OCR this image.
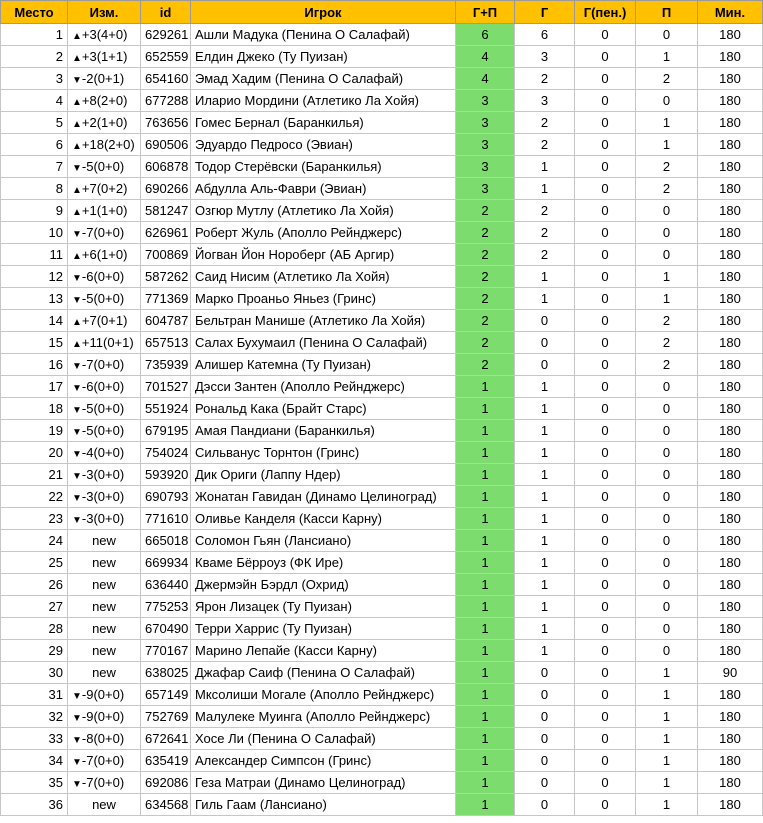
Место	Изм.	id	Игрок	Г+П	Г	Г(пен.)	П	Мин.
1	▲+3(4+0)	629261	Ашли Мадука (Пенина О Салафай)	6	6	0	0	180
2	▲+3(1+1)	652559	Елдин Джеко (Ту Пуизан)	4	3	0	1	180
3	▼-2(0+1)	654160	Эмад Хадим (Пенина О Салафай)	4	2	0	2	180
4	▲+8(2+0)	677288	Иларио Мордини (Атлетико Ла Хойя)	3	3	0	0	180
5	▲+2(1+0)	763656	Гомес Бернал (Баранкилья)	3	2	0	1	180
6	▲+18(2+0)	690506	Эдуардо Педросо (Эвиан)	3	2	0	1	180
7	▼-5(0+0)	606878	Тодор Стерёвски (Баранкилья)	3	1	0	2	180
8	▲+7(0+2)	690266	Абдулла Аль-Фаври (Эвиан)	3	1	0	2	180
9	▲+1(1+0)	581247	Озгюр Мутлу (Атлетико Ла Хойя)	2	2	0	0	180
10	▼-7(0+0)	626961	Роберт Жуль (Аполло Рейнджерс)	2	2	0	0	180
11	▲+6(1+0)	700869	Йогван Йон Нороберг (АБ Аргир)	2	2	0	0	180
12	▼-6(0+0)	587262	Саид Нисим (Атлетико Ла Хойя)	2	1	0	1	180
13	▼-5(0+0)	771369	Марко Проаньо Яньез (Гринс)	2	1	0	1	180
14	▲+7(0+1)	604787	Бельтран Манише (Атлетико Ла Хойя)	2	0	0	2	180
15	▲+11(0+1)	657513	Салах Бухумаил (Пенина О Салафай)	2	0	0	2	180
16	▼-7(0+0)	735939	Алишер Катемна (Ту Пуизан)	2	0	0	2	180
17	▼-6(0+0)	701527	Дэсси Зантен (Аполло Рейнджерс)	1	1	0	0	180
18	▼-5(0+0)	551924	Рональд Кака (Брайт Старс)	1	1	0	0	180
19	▼-5(0+0)	679195	Амая Пандиани (Баранкилья)	1	1	0	0	180
20	▼-4(0+0)	754024	Сильванус Торнтон (Гринс)	1	1	0	0	180
21	▼-3(0+0)	593920	Дик Ориги (Лаппу Ндер)	1	1	0	0	180
22	▼-3(0+0)	690793	Жонатан Гавидан (Динамо Целиноград)	1	1	0	0	180
23	▼-3(0+0)	771610	Оливье Канделя (Касси Карну)	1	1	0	0	180
24	new	665018	Соломон Гьян (Лансиано)	1	1	0	0	180
25	new	669934	Кваме Бёрроуз (ФК Ире)	1	1	0	0	180
26	new	636440	Джермэйн Бэрдл (Охрид)	1	1	0	0	180
27	new	775253	Ярон Лизацек (Ту Пуизан)	1	1	0	0	180
28	new	670490	Терри Харрис (Ту Пуизан)	1	1	0	0	180
29	new	770167	Марино Лепайе (Касси Карну)	1	1	0	0	180
30	new	638025	Джафар Саиф (Пенина О Салафай)	1	0	0	1	90
31	▼-9(0+0)	657149	Мксолиши Могале (Аполло Рейнджерс)	1	0	0	1	180
32	▼-9(0+0)	752769	Малулеке Муинга (Аполло Рейнджерс)	1	0	0	1	180
33	▼-8(0+0)	672641	Хосе Ли (Пенина О Салафай)	1	0	0	1	180
34	▼-7(0+0)	635419	Александер Симпсон (Гринс)	1	0	0	1	180
35	▼-7(0+0)	692086	Геза Матраи (Динамо Целиноград)	1	0	0	1	180
36	new	634568	Гиль Гаам (Лансиано)	1	0	0	1	180
